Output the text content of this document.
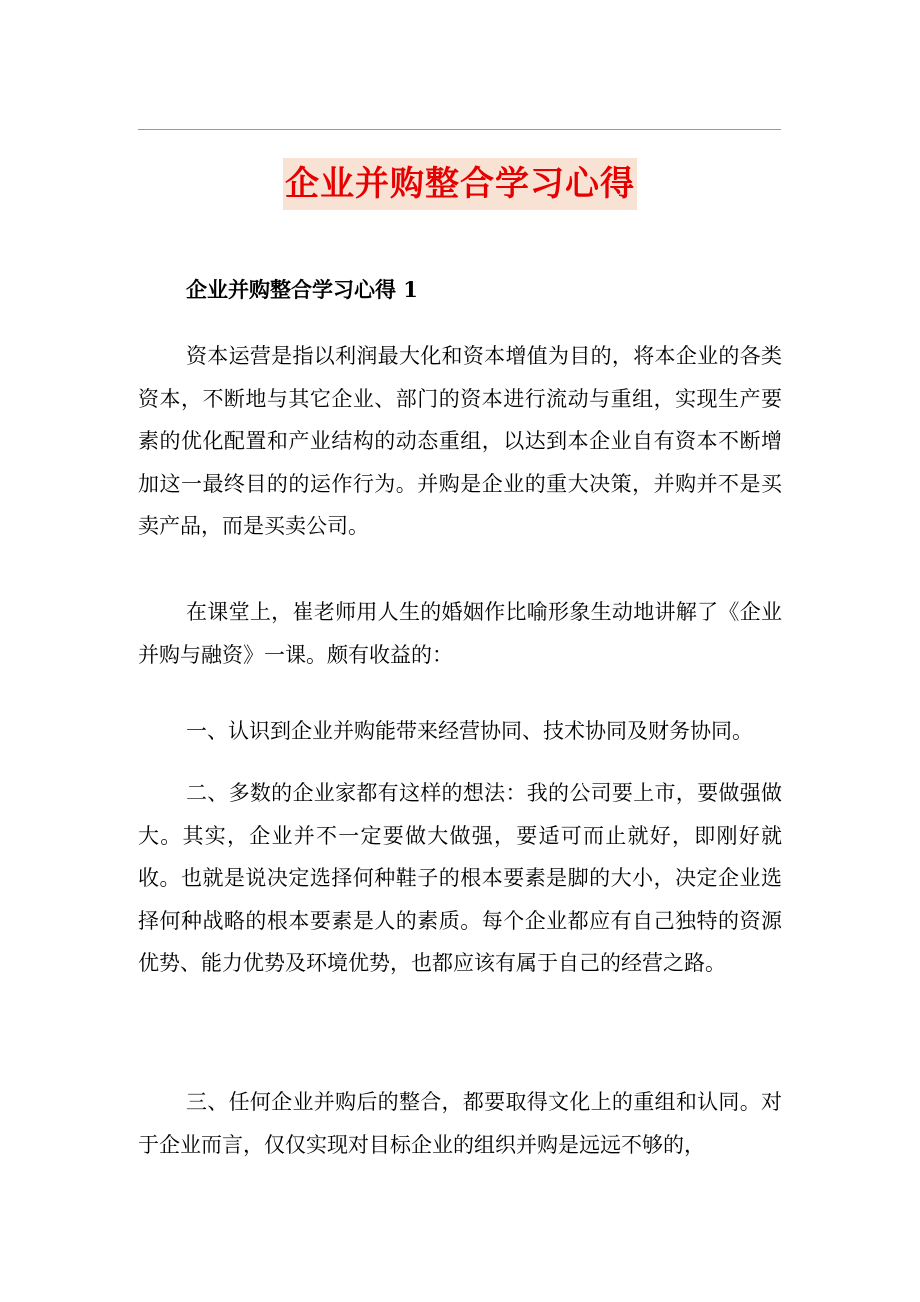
企业并购整合学习心得
企业并购整合学习心得 1

资本运营是指以利润最大化和资本增值为目的，将本企业的各类资本，不断地与其它企业、部门的资本进行流动与重组，实现生产要素的优化配置和产业结构的动态重组，以达到本企业自有资本不断增加这一最终目的的运作行为。并购是企业的重大决策，并购并不是买卖产品，而是买卖公司。

在课堂上，崔老师用人生的婚姻作比喻形象生动地讲解了《企业并购与融资》一课。颇有收益的：

一、认识到企业并购能带来经营协同、技术协同及财务协同。

二、多数的企业家都有这样的想法：我的公司要上市，要做强做大。其实，企业并不一定要做大做强，要适可而止就好，即刚好就收。也就是说决定选择何种鞋子的根本要素是脚的大小，决定企业选择何种战略的根本要素是人的素质。每个企业都应有自己独特的资源优势、能力优势及环境优势，也都应该有属于自己的经营之路。

三、任何企业并购后的整合，都要取得文化上的重组和认同。对于企业而言，仅仅实现对目标企业的组织并购是远远不够的，
